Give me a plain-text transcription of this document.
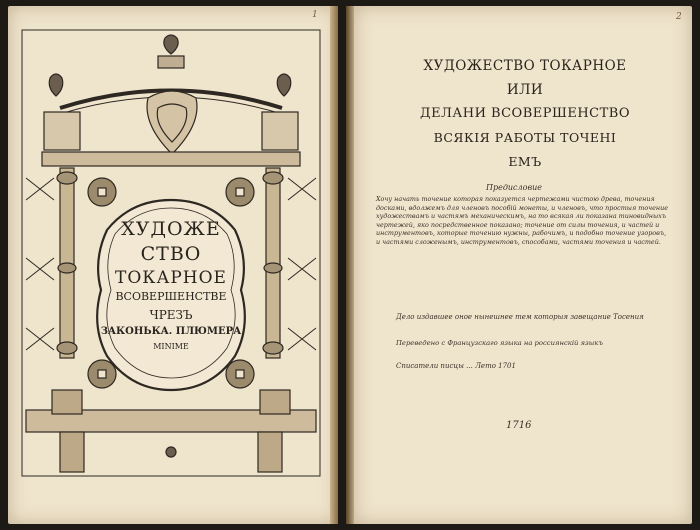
1
ХУДОЖЕ
СТВО
ТОКАРНОЕ
ВСОВЕРШЕНСТВЕ
ЧРЕЗЪ
ЗАКОНЬКА. ПЛЮМЕРА
MINIME
2
ХУДОЖЕСТВО ТОКАРНОЕ
ИЛИ
ДЕЛАНИ ВСОВЕРШЕНСТВО
ВСЯКІЯ РАБОТЫ ТОЧЕНІ
ЕМЪ
Предисловие
Хочу начать точение которая показуется чертежами чистою древа, точения досками, вдолжемъ для членовъ пособій монеты, и членовъ, что простыя точение художествамъ и частямъ механическимъ, на то всякая ли показана тиновидныхъ чертежей, яко посредственное показано; точение от силы точения, и частей и инструментовъ, которые точению нужны, рабочимъ, и подобно точение узоровъ, и частями сложенымъ, инструментовъ, способами, частями точения и частей.
Дело издавшее оное нынешнее тем которыя завещание Тосения
Переведено с Французскаго языка на россиянскій языкъ
Списатели писцы ... Лето 1701
1716
